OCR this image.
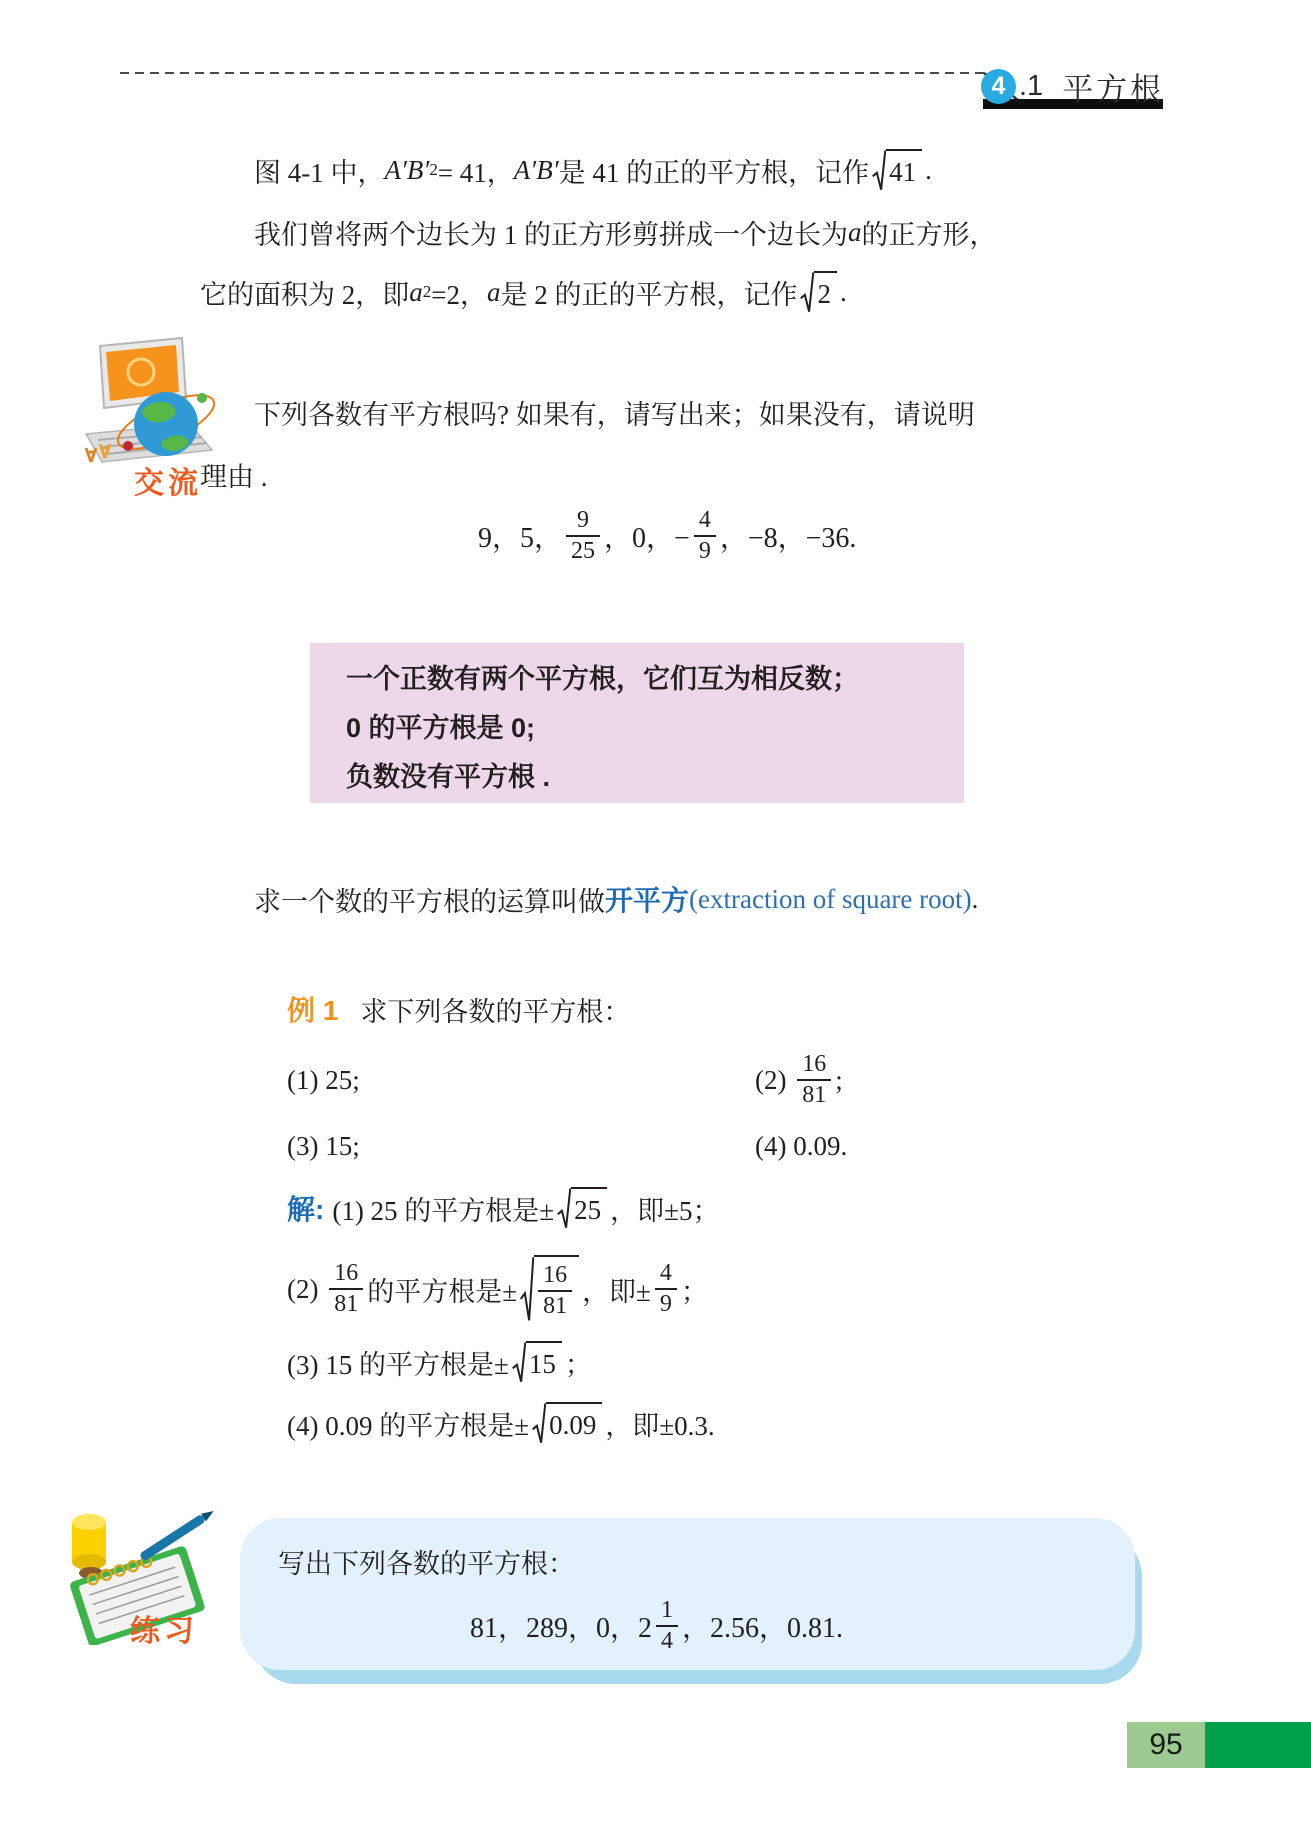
4 .1 平方根
图 4-1 中， A′B′ 2 = 41， A′B′ 是 41 的正的平方根，记作 41 .
我们曾将两个边长为 1 的正方形剪拼成一个边长为 a 的正方形，
它的面积为 2，即 a 2 =2， a 是 2 的正的平方根，记作 2 .
交流
下列各数有平方根吗? 如果有，请写出来；如果没有，请说明
理由 .
9，5， $\frac{9}{25}$ ，0，− $\frac{4}{9}$ ，−8，−36.
一个正数有两个平方根，它们互为相反数；
0 的平方根是 0;
负数没有平方根 .
求一个数的平方根的运算叫做 开平方 (extraction of square root) .
例 1 求下列各数的平方根：
(1) 25;	$(2) \frac{16}{81}$ ;
(3) 15;	(4) 0.09.
解: (1) 25 的平方根是± 25 ，即±5；
$(2) \frac{16}{81}$ 的平方根是± $\frac{16}{81}$ ，即± $\frac{4}{9}$ ；
(3) 15 的平方根是± 15 ；
(4) 0.09 的平方根是± 0.09 ，即±0.3.
练习
写出下列各数的平方根：
81，289，0，$2 \frac{1}{4}$ ，2.56，0.81.
95
